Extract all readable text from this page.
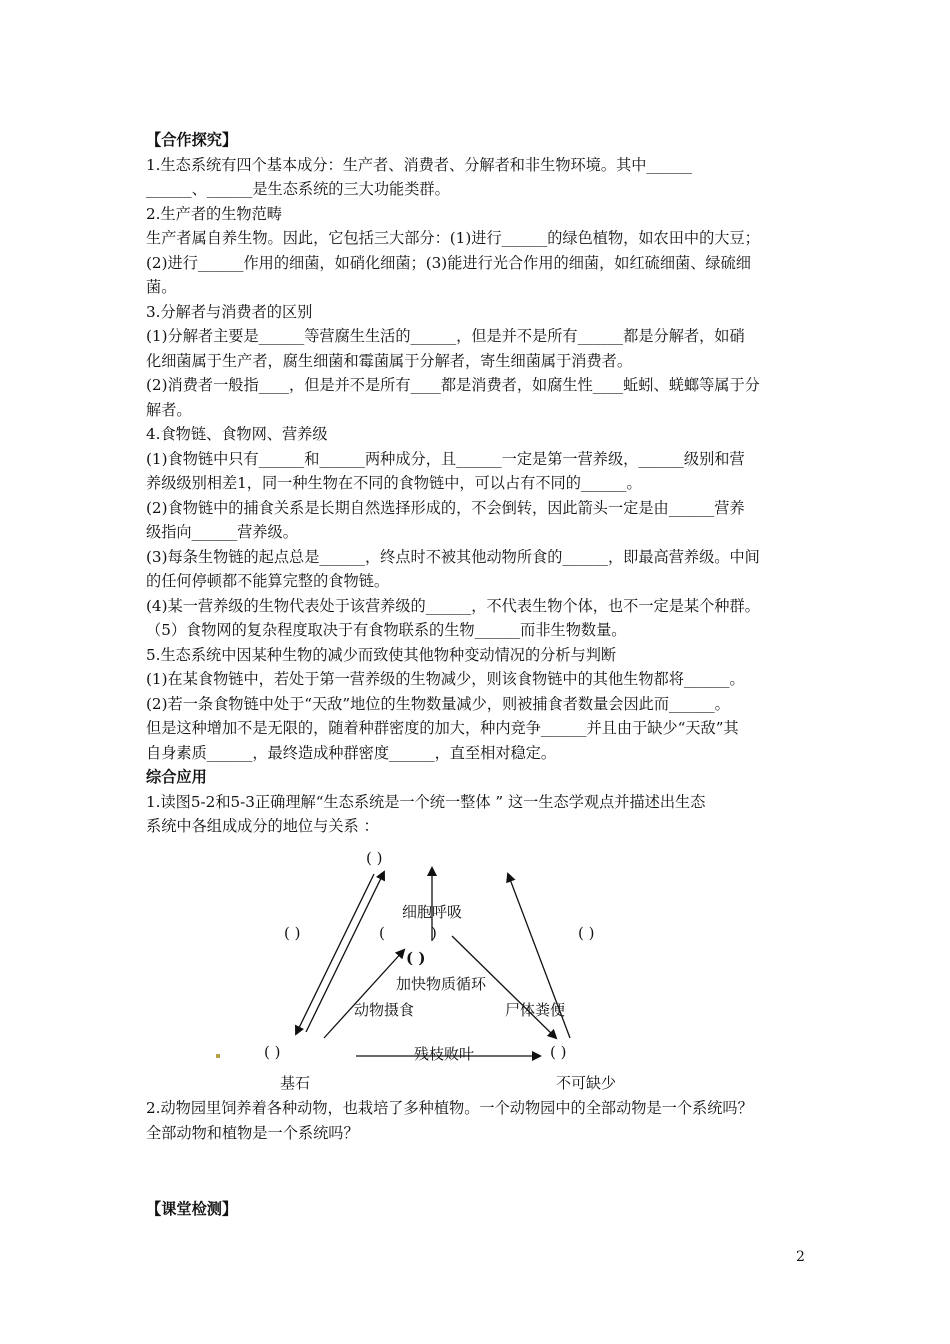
【合作探究】

1.生态系统有四个基本成分：生产者、消费者、分解者和非生物环境。其中______

______、______是生态系统的三大功能类群。

2.生产者的生物范畴

生产者属自养生物。因此，它包括三大部分：(1)进行______的绿色植物，如农田中的大豆；

(2)进行______作用的细菌，如硝化细菌；(3)能进行光合作用的细菌，如红硫细菌、绿硫细

菌。

3.分解者与消费者的区别

(1)分解者主要是______等营腐生生活的______，但是并不是所有______都是分解者，如硝

化细菌属于生产者，腐生细菌和霉菌属于分解者，寄生细菌属于消费者。

(2)消费者一般指____，但是并不是所有____都是消费者，如腐生性____蚯蚓、蜣螂等属于分

解者。

4.食物链、食物网、营养级

(1)食物链中只有______和______两种成分，且______一定是第一营养级，______级别和营

养级级别相差1，同一种生物在不同的食物链中，可以占有不同的______。

(2)食物链中的捕食关系是长期自然选择形成的，不会倒转，因此箭头一定是由______营养

级指向______营养级。

(3)每条生物链的起点总是______，终点时不被其他动物所食的______，即最高营养级。中间

的任何停顿都不能算完整的食物链。

(4)某一营养级的生物代表处于该营养级的______，不代表生物个体，也不一定是某个种群。

（5）食物网的复杂程度取决于有食物联系的生物______而非生物数量。

5.生态系统中因某种生物的减少而致使其他物种变动情况的分析与判断

(1)在某食物链中，若处于第一营养级的生物减少，则该食物链中的其他生物都将______。

(2)若一条食物链中处于“天敌”地位的生物数量减少，则被捕食者数量会因此而______。

但是这种增加不是无限的，随着种群密度的加大，种内竞争______并且由于缺少“天敌”其

自身素质______，最终造成种群密度______，直至相对稳定。

综合应用

1.读图5-2和5-3正确理解“生态系统是一个统一整体 ” 这一生态学观点并描述出生态

系统中各组成成分的地位与关系 ：

( )
细胞呼吸
( )	(	)	( )
( )
加快物质循环
动物摄食	尸体粪便
( )	残枝败叶	( )
基石	不可缺少

2.动物园里饲养着各种动物，也栽培了多种植物。一个动物园中的全部动物是一个系统吗？

全部动物和植物是一个系统吗？

【课堂检测】

2
